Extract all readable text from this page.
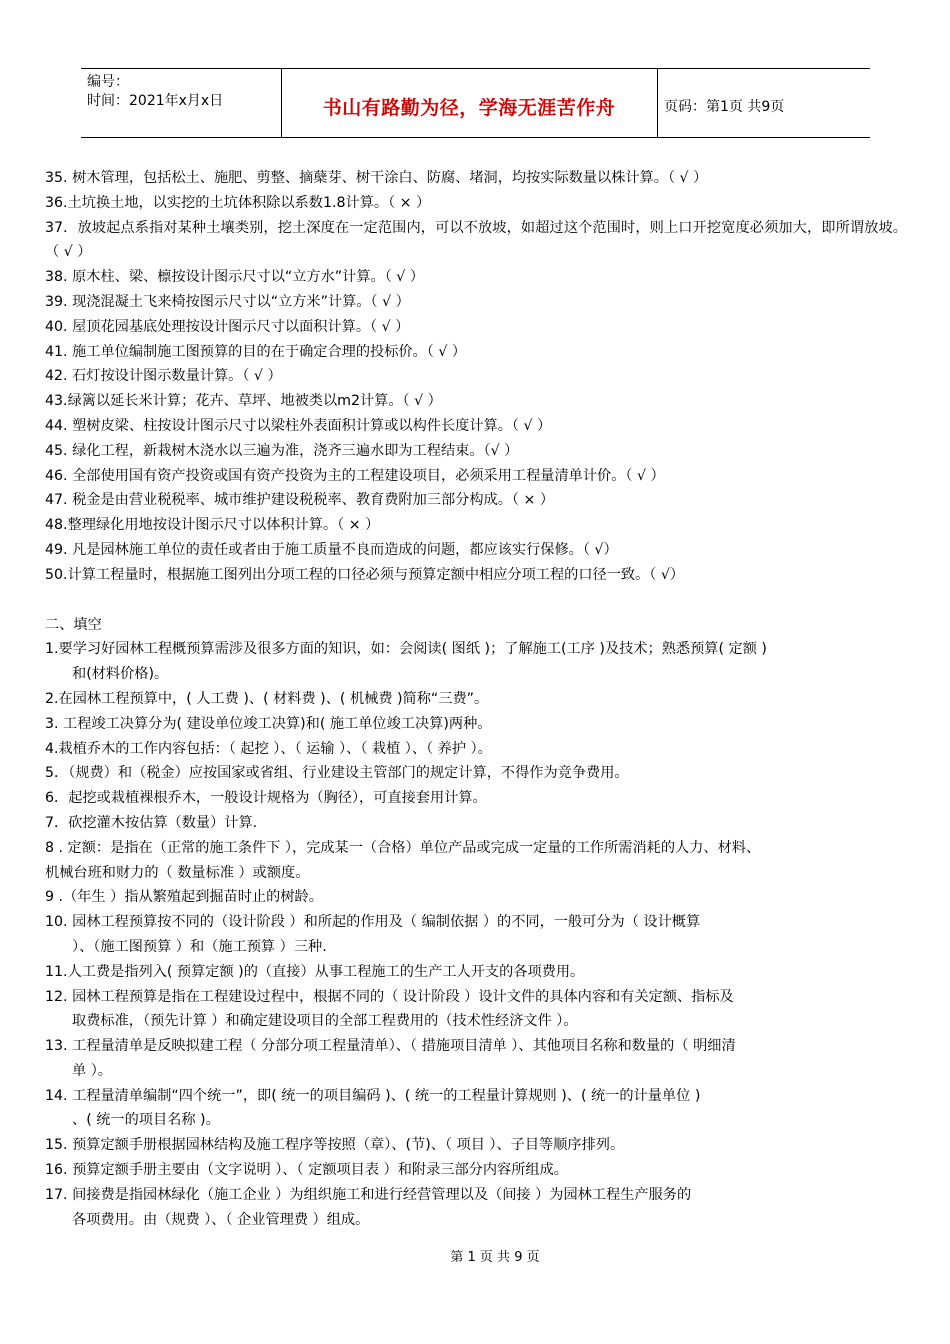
编号：
时间：2021年x月x日	书山有路勤为径，学海无涯苦作舟	页码：第1页 共9页
35. 树木管理，包括松土、施肥、剪整、摘蘖芽、树干涂白、防腐、堵洞，均按实际数量以株计算。（ √ ）
36.土坑换土地，以实挖的土坑体积除以系数1.8计算。（ × ）
37．放坡起点系指对某种土壤类别，挖土深度在一定范围内，可以不放坡，如超过这个范围时，则上口开挖宽度必须加大，即所谓放坡。（ √ ）
38. 原木柱、梁、檩按设计图示尺寸以“立方水”计算。（ √ ）
39. 现浇混凝土飞来椅按图示尺寸以“立方米”计算。（ √ ）
40. 屋顶花园基底处理按设计图示尺寸以面积计算。（ √ ）
41. 施工单位编制施工图预算的目的在于确定合理的投标价。（ √ ）
42. 石灯按设计图示数量计算。（ √ ）
43.绿篱以延长米计算；花卉、草坪、地被类以m2计算。（ √ ）
44. 塑树皮梁、柱按设计图示尺寸以梁柱外表面积计算或以构件长度计算。（ √ ）
45. 绿化工程，新栽树木浇水以三遍为准，浇齐三遍水即为工程结束。（√ ）
46. 全部使用国有资产投资或国有资产投资为主的工程建设项目，必须采用工程量清单计价。（ √ ）
47. 税金是由营业税税率、城市维护建设税税率、教育费附加三部分构成。（ × ）
48.整理绿化用地按设计图示尺寸以体积计算。（ × ）
49. 凡是园林施工单位的责任或者由于施工质量不良而造成的问题，都应该实行保修。（ √）
50.计算工程量时，根据施工图列出分项工程的口径必须与预算定额中相应分项工程的口径一致。（ √）
二、填空
1.要学习好园林工程概预算需涉及很多方面的知识，如：会阅读( 图纸 )；了解施工(工序 )及技术；熟悉预算( 定额 )
和(材料价格)。
2.在园林工程预算中，( 人工费 )、( 材料费 )、( 机械费 )简称“三费”。
3. 工程竣工决算分为( 建设单位竣工决算)和( 施工单位竣工决算)两种。
4.栽植乔木的工作内容包括：（ 起挖 ）、（ 运输 ）、（ 栽植 ）、（ 养护 ）。
5．（规费）和（税金）应按国家或省组、行业建设主管部门的规定计算，不得作为竞争费用。
6．起挖或栽植裸根乔木，一般设计规格为（胸径），可直接套用计算。
7．砍挖灌木按估算（数量）计算.
8 . 定额：是指在（正常的施工条件下 ），完成某一（合格）单位产品或完成一定量的工作所需消耗的人力、材料、
机械台班和财力的（ 数量标准 ）或额度。
9 .（年生 ）指从繁殖起到掘苗时止的树龄。
10. 园林工程预算按不同的（设计阶段 ）和所起的作用及（ 编制依据 ）的不同，一般可分为（ 设计概算
）、（施工图预算 ）和（施工预算 ）三种.
11.人工费是指列入( 预算定额 )的（直接）从事工程施工的生产工人开支的各项费用。
12. 园林工程预算是指在工程建设过程中，根据不同的（ 设计阶段 ）设计文件的具体内容和有关定额、指标及
取费标准，（预先计算 ）和确定建设项目的全部工程费用的（技术性经济文件 ）。
13. 工程量清单是反映拟建工程（ 分部分项工程量清单）、（ 措施项目清单 ）、其他项目名称和数量的（ 明细清
单 ）。
14. 工程量清单编制“四个统一”，即( 统一的项目编码 )、( 统一的工程量计算规则 )、( 统一的计量单位 )
、( 统一的项目名称 )。
15. 预算定额手册根据园林结构及施工程序等按照（章）、(节)、（ 项目 ）、子目等顺序排列。
16. 预算定额手册主要由（文字说明 ）、（ 定额项目表 ）和附录三部分内容所组成。
17. 间接费是指园林绿化（施工企业 ）为组织施工和进行经营管理以及（间接 ）为园林工程生产服务的
各项费用。由（规费 ）、（ 企业管理费 ）组成。
第 1 页 共 9 页
